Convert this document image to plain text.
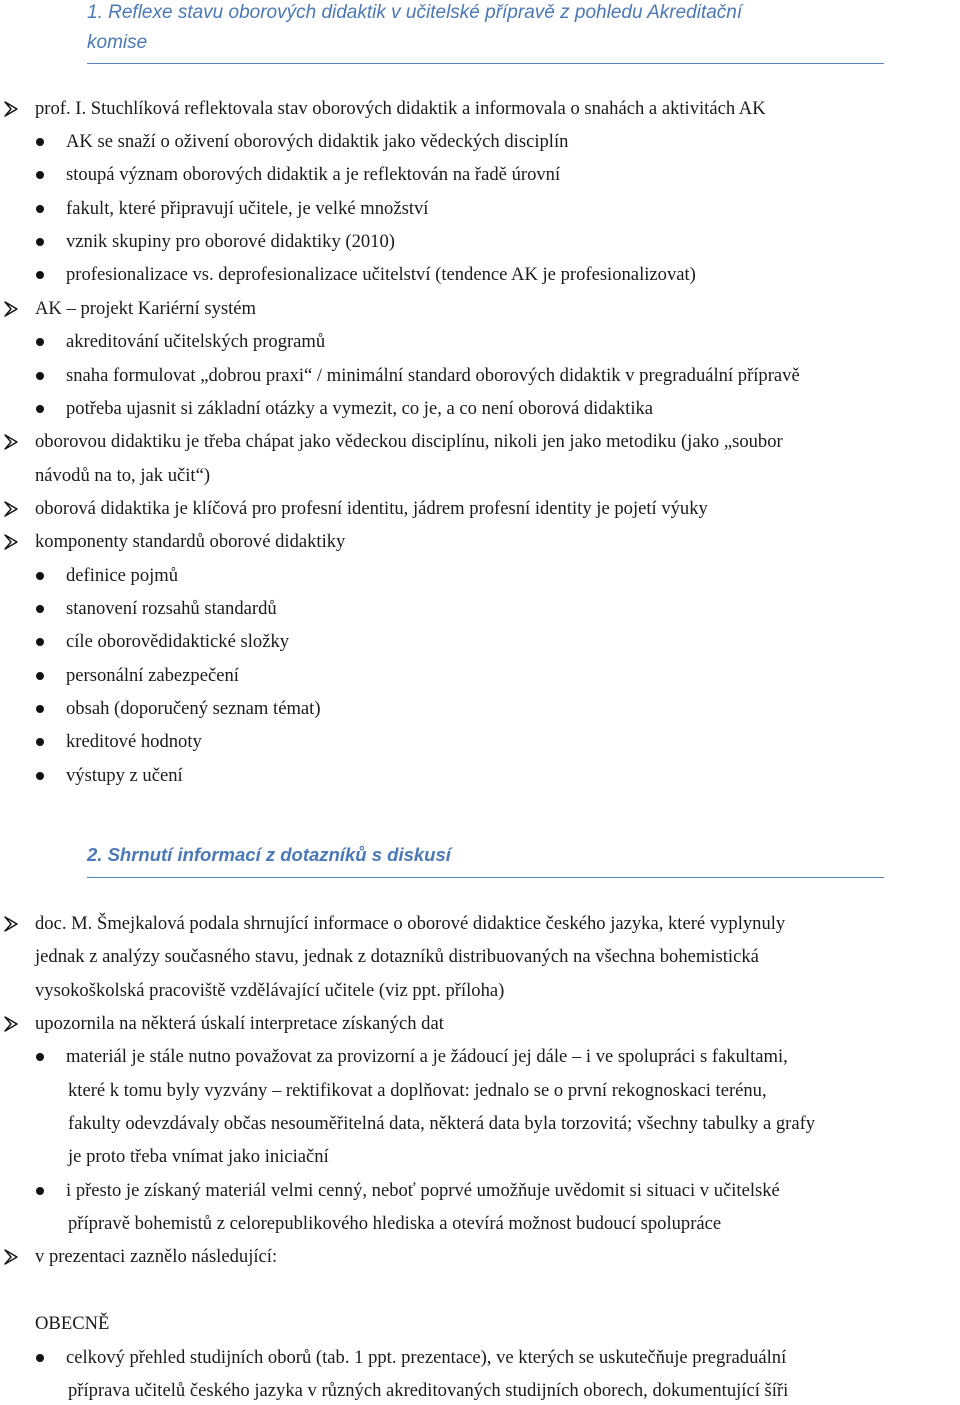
1. Reflexe stavu oborových didaktik v učitelské přípravě z pohledu Akreditační
komise
prof. I. Stuchlíková reflektovala stav oborových didaktik a informovala o snahách a aktivitách AK
AK se snaží o oživení oborových didaktik jako vědeckých disciplín
stoupá význam oborových didaktik a je reflektován na řadě úrovní
fakult, které připravují učitele, je velké množství
vznik skupiny pro oborové didaktiky (2010)
profesionalizace vs. deprofesionalizace učitelství (tendence AK je profesionalizovat)
AK – projekt Kariérní systém
akreditování učitelských programů
snaha formulovat „dobrou praxi“ / minimální standard oborových didaktik v pregraduální přípravě
potřeba ujasnit si základní otázky a vymezit, co je, a co není oborová didaktika
oborovou didaktiku je třeba chápat jako vědeckou disciplínu, nikoli jen jako metodiku (jako „soubor
návodů na to, jak učit“)
oborová didaktika je klíčová pro profesní identitu, jádrem profesní identity je pojetí výuky
komponenty standardů oborové didaktiky
definice pojmů
stanovení rozsahů standardů
cíle oborovědidaktické složky
personální zabezpečení
obsah (doporučený seznam témat)
kreditové hodnoty
výstupy z učení
2. Shrnutí informací z dotazníků s diskusí
doc. M. Šmejkalová podala shrnující informace o oborové didaktice českého jazyka, které vyplynuly
jednak z analýzy současného stavu, jednak z dotazníků distribuovaných na všechna bohemistická
vysokoškolská pracoviště vzdělávající učitele (viz ppt. příloha)
upozornila na některá úskalí interpretace získaných dat
materiál je stále nutno považovat za provizorní a je žádoucí jej dále – i ve spolupráci s fakultami,
které k tomu byly vyzvány – rektifikovat a doplňovat: jednalo se o první rekognoskaci terénu,
fakulty odevzdávaly občas nesouměřitelná data, některá data byla torzovitá; všechny tabulky a grafy
je proto třeba vnímat jako iniciační
i přesto je získaný materiál velmi cenný, neboť poprvé umožňuje uvědomit si situaci v učitelské
přípravě bohemistů z celorepublikového hlediska a otevírá možnost budoucí spolupráce
v prezentaci zaznělo následující:
OBECNĚ
celkový přehled studijních oborů (tab. 1 ppt. prezentace), ve kterých se uskutečňuje pregraduální
příprava učitelů českého jazyka v různých akreditovaných studijních oborech, dokumentující šíři
